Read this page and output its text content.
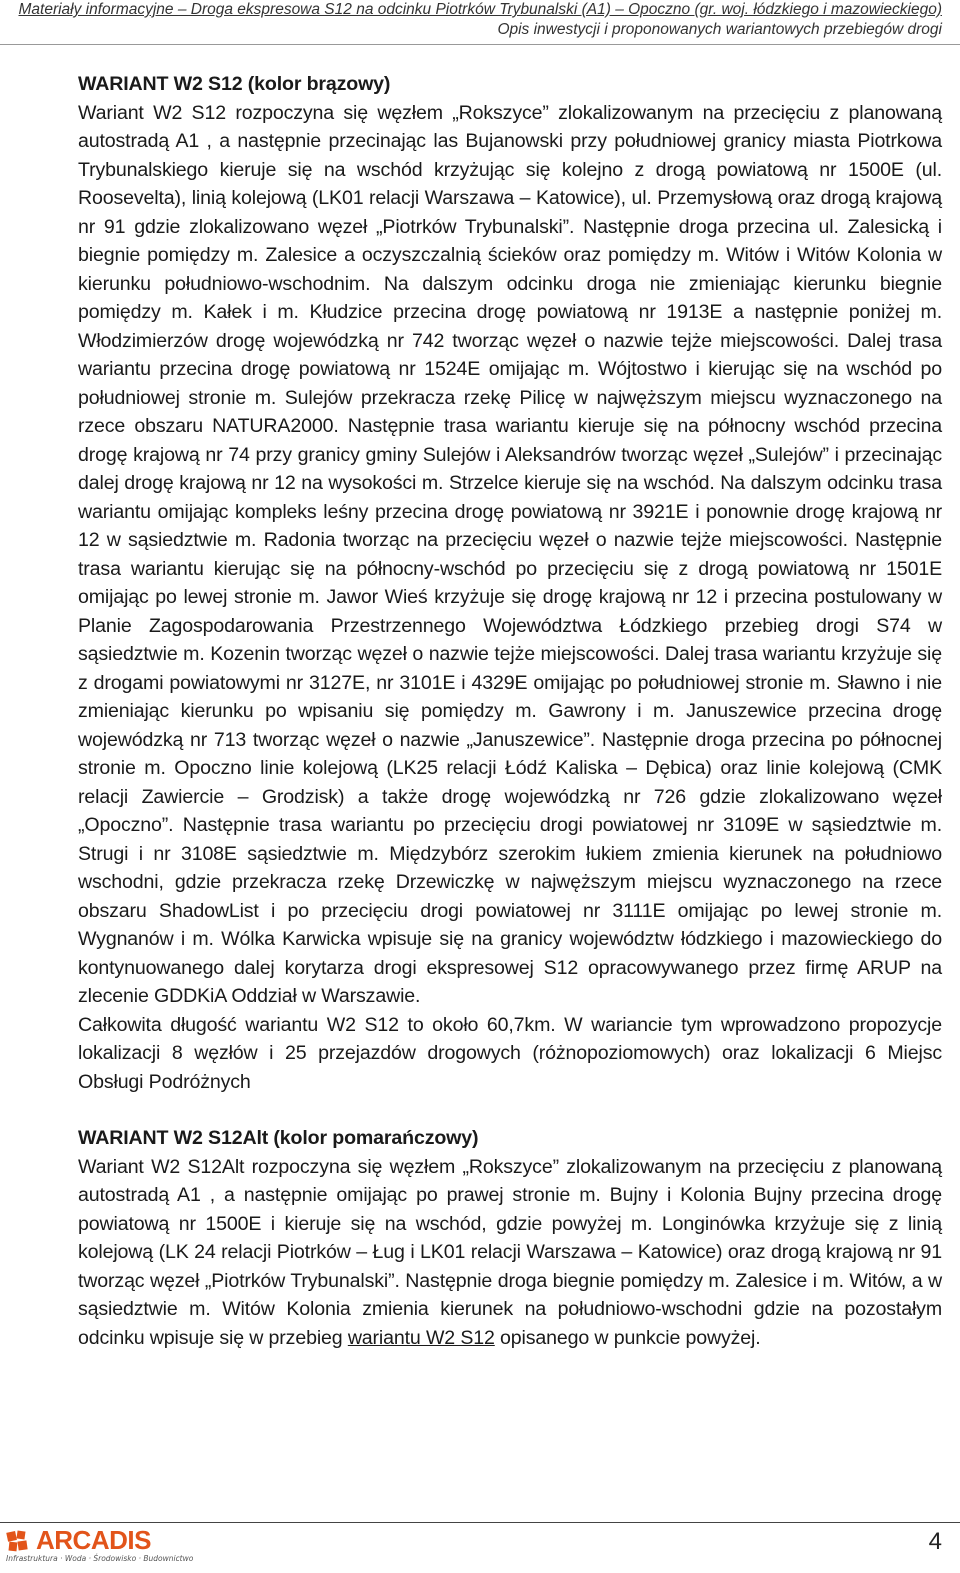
Materiały informacyjne – Droga ekspresowa S12 na odcinku Piotrków Trybunalski (A1) – Opoczno (gr. woj. łódzkiego i mazowieckiego)
Opis inwestycji i proponowanych wariantowych przebiegów drogi
WARIANT W2 S12 (kolor brązowy)

Wariant W2 S12 rozpoczyna się węzłem „Rokszyce” zlokalizowanym na przecięciu z planowaną autostradą A1 , a następnie przecinając las Bujanowski przy południowej granicy miasta Piotrkowa Trybunalskiego kieruje się na wschód krzyżując się kolejno z drogą powiatową nr 1500E (ul. Roosevelta), linią kolejową (LK01 relacji Warszawa – Katowice), ul. Przemysłową oraz drogą krajową nr 91 gdzie zlokalizowano węzeł „Piotrków Trybunalski”. Następnie droga przecina ul. Zalesicką i biegnie pomiędzy m. Zalesice a oczyszczalnią ścieków oraz pomiędzy m. Witów i Witów Kolonia w kierunku południowo-wschodnim. Na dalszym odcinku droga nie zmieniając kierunku biegnie pomiędzy m. Kałek i m. Kłudzice przecina drogę powiatową nr 1913E a następnie poniżej m. Włodzimierzów drogę wojewódzką nr 742 tworząc węzeł o nazwie tejże miejscowości. Dalej trasa wariantu przecina drogę powiatową nr 1524E omijając m. Wójtostwo i kierując się na wschód po południowej stronie m. Sulejów przekracza rzekę Pilicę w najwęższym miejscu wyznaczonego na rzece obszaru NATURA2000. Następnie trasa wariantu kieruje się na północny wschód przecina drogę krajową nr 74 przy granicy gminy Sulejów i Aleksandrów tworząc węzeł „Sulejów” i przecinając dalej drogę krajową nr 12 na wysokości m. Strzelce kieruje się na wschód. Na dalszym odcinku trasa wariantu omijając kompleks leśny przecina drogę powiatową nr 3921E i ponownie drogę krajową nr 12 w sąsiedztwie m. Radonia tworząc na przecięciu węzeł o nazwie tejże miejscowości. Następnie trasa wariantu kierując się na północny-wschód po przecięciu się z drogą powiatową nr 1501E omijając po lewej stronie m. Jawor Wieś krzyżuje się drogę krajową nr 12 i przecina postulowany w Planie Zagospodarowania Przestrzennego Województwa Łódzkiego przebieg drogi S74 w sąsiedztwie m. Kozenin tworząc węzeł o nazwie tejże miejscowości. Dalej trasa wariantu krzyżuje się z drogami powiatowymi nr 3127E, nr 3101E i 4329E omijając po południowej stronie m. Sławno i nie zmieniając kierunku po wpisaniu się pomiędzy m. Gawrony i m. Januszewice przecina drogę wojewódzką nr 713 tworząc węzeł o nazwie „Januszewice”. Następnie droga przecina po północnej stronie m. Opoczno linie kolejową (LK25 relacji Łódź Kaliska – Dębica) oraz linie kolejową (CMK relacji Zawiercie – Grodzisk) a także drogę wojewódzką nr 726 gdzie zlokalizowano węzeł „Opoczno”. Następnie trasa wariantu po przecięciu drogi powiatowej nr 3109E w sąsiedztwie m. Strugi i nr 3108E sąsiedztwie m. Międzybórz szerokim łukiem zmienia kierunek na południowo wschodni, gdzie przekracza rzekę Drzewiczkę w najwęższym miejscu wyznaczonego na rzece obszaru ShadowList i po przecięciu drogi powiatowej nr 3111E omijając po lewej stronie m. Wygnanów i m. Wólka Karwicka wpisuje się na granicy województw łódzkiego i mazowieckiego do kontynuowanego dalej korytarza drogi ekspresowej S12 opracowywanego przez firmę ARUP na zlecenie GDDKiA Oddział w Warszawie.

Całkowita długość wariantu W2 S12 to około 60,7km. W wariancie tym wprowadzono propozycje lokalizacji 8 węzłów i 25 przejazdów drogowych (różnopoziomowych) oraz lokalizacji 6 Miejsc Obsługi Podróżnych

WARIANT W2 S12Alt (kolor pomarańczowy)

Wariant W2 S12Alt rozpoczyna się węzłem „Rokszyce” zlokalizowanym na przecięciu z planowaną autostradą A1 , a następnie omijając po prawej stronie m. Bujny i Kolonia Bujny przecina drogę powiatową nr 1500E i kieruje się na wschód, gdzie powyżej m. Longinówka krzyżuje się z linią kolejową (LK 24 relacji Piotrków – Ług i LK01 relacji Warszawa – Katowice) oraz drogą krajową nr 91 tworząc węzeł „Piotrków Trybunalski”. Następnie droga biegnie pomiędzy m. Zalesice i m. Witów, a w sąsiedztwie m. Witów Kolonia zmienia kierunek na południowo-wschodni gdzie na pozostałym odcinku wpisuje się w przebieg wariantu W2 S12 opisanego w punkcie powyżej.

ARCADIS
Infrastruktura · Woda · Środowisko · Budownictwo
4
